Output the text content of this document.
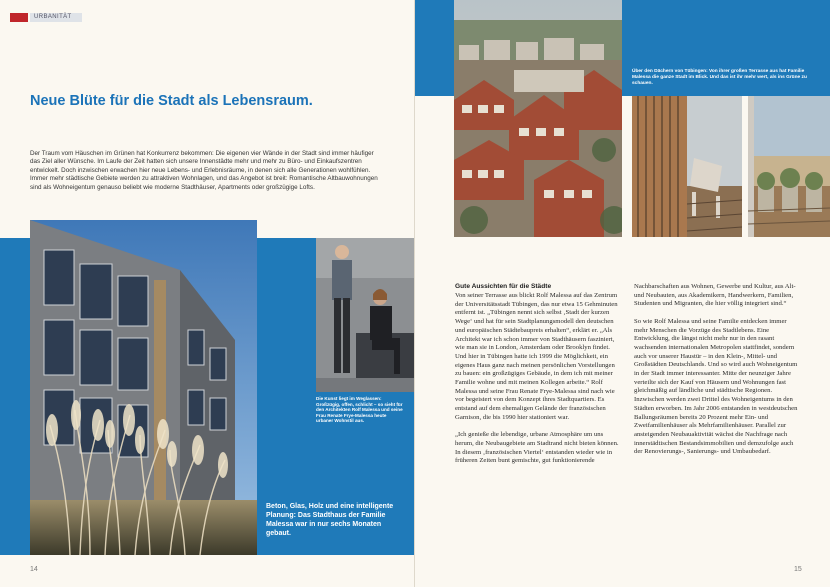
URBANITÄT
Neue Blüte für die Stadt als Lebensraum.

Der Traum vom Häuschen im Grünen hat Konkurrenz bekommen: Die eigenen vier Wände in der Stadt sind immer häufiger das Ziel aller Wünsche. Im Laufe der Zeit hatten sich unsere Innenstädte mehr und mehr zu Büro- und Einkaufszentren entwickelt. Doch inzwischen erwachen hier neue Lebens- und Erlebnisräume, in denen sich alle Generationen wohlfühlen. Immer mehr städtische Gebiete werden zu attraktiven Wohnlagen, und das Angebot ist breit: Romantische Altbauwohnungen sind als Wohneigentum genauso beliebt wie moderne Stadthäuser, Apartments oder großzügige Lofts.

Die Kunst liegt im Weglassen: Großzügig, offen, schlicht – so sieht für den Architekten Rolf Malessa und seine Frau Renate Frye-Malessa heute urbaner Wohnstil aus.

Beton, Glas, Holz und eine intelligente Planung: Das Stadthaus der Familie Malessa war in nur sechs Monaten gebaut.

14

Über den Dächern von Tübingen: Von ihrer großen Terrasse aus hat Familie Malessa die ganze Stadt im Blick. Und das ist ihr mehr wert, als ins Grüne zu schauen.

Gute Aussichten für die Städte

Von seiner Terrasse aus blickt Rolf Malessa auf das Zentrum der Universitätsstadt Tübingen, das nur etwa 15 Gehminuten entfernt ist. „Tübingen nennt sich selbst ‚Stadt der kurzen Wege‘ und hat für sein Stadtplanungsmodell den deutschen und europäischen Städtebaupreis erhalten“, erklärt er. „Als Architekt war ich schon immer von Stadthäusern fasziniert, wie man sie in London, Amsterdam oder Brooklyn findet. Und hier in Tübingen hatte ich 1999 die Möglichkeit, ein eigenes Haus ganz nach meinen persönlichen Vorstellungen zu bauen: ein großzügiges Gebäude, in dem ich mit meiner Familie wohne und mit meinen Kollegen arbeite.“ Rolf Malessa und seine Frau Renate Frye-Malessa sind nach wie vor begeistert von dem Konzept ihres Stadtquartiers. Es entstand auf dem ehemaligen Gelände der französischen Garnison, die bis 1990 hier stationiert war.

„Ich genieße die lebendige, urbane Atmosphäre um uns herum, die Neubaugebiete am Stadtrand nicht bieten können. In diesem ‚französischen Viertel‘ entstanden wieder wie in früheren Zeiten bunt gemischte, gut funktionierende

Nachbarschaften aus Wohnen, Gewerbe und Kultur, aus Alt- und Neubauten, aus Akademikern, Handwerkern, Familien, Studenten und Migranten, die hier völlig integriert sind.“

So wie Rolf Malessa und seine Familie entdecken immer mehr Menschen die Vorzüge des Stadtlebens. Eine Entwicklung, die längst nicht mehr nur in den rasant wachsenden internationalen Metropolen stattfindet, sondern auch vor unserer Haustür – in den Klein-, Mittel- und Großstädten Deutschlands. Und so wird auch Wohneigentum in der Stadt immer interessanter. Mitte der neunziger Jahre verteilte sich der Kauf von Häusern und Wohnungen fast gleichmäßig auf ländliche und städtische Regionen. Inzwischen werden zwei Drittel des Wohneigentums in den Städten erworben. Im Jahr 2006 entstanden in westdeutschen Ballungsräumen bereits 20 Prozent mehr Ein- und Zweifamilienhäuser als Mehrfamilienhäuser. Parallel zur ansteigenden Neubauaktivität wächst die Nachfrage nach innerstädtischen Bestandsimmobilien und demzufolge auch der Renovierungs-, Sanierungs- und Umbaubedarf.

15
